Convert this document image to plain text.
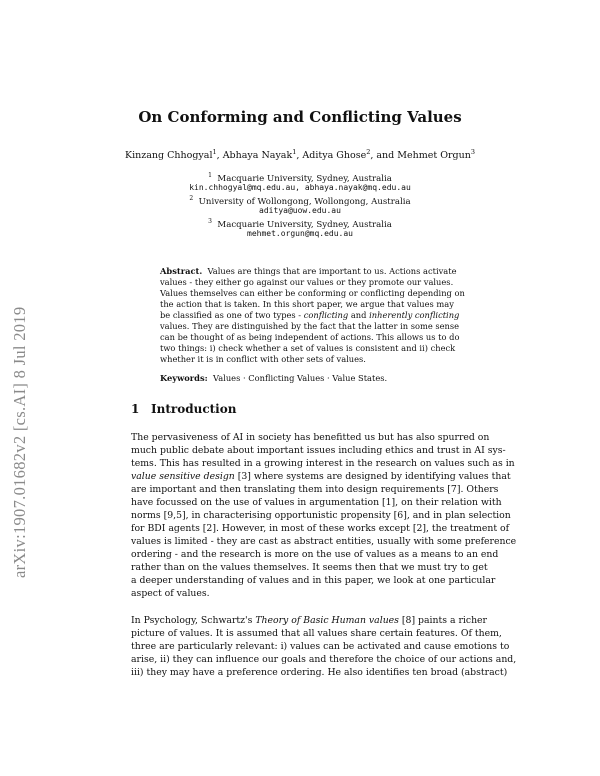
arXiv:1907.01682v2 [cs.AI] 8 Jul 2019
On Conforming and Conflicting Values
Kinzang Chhogyal$^1$, Abhaya Nayak$^1$, Aditya Ghose$^2$, and Mehmet Orgun$^3$
$^1$ Macquarie University, Sydney, Australia
kin.chhogyal@mq.edu.au, abhaya.nayak@mq.edu.au
$^2$ University of Wollongong, Wollongong, Australia
aditya@uow.edu.au
$^3$ Macquarie University, Sydney, Australia
mehmet.orgun@mq.edu.au
Abstract. Values are things that are important to us. Actions activate
values - they either go against our values or they promote our values.
Values themselves can either be conforming or conflicting depending on
the action that is taken. In this short paper, we argue that values may
be classified as one of two types - conflicting and inherently conflicting
values. They are distinguished by the fact that the latter in some sense
can be thought of as being independent of actions. This allows us to do
two things: i) check whether a set of values is consistent and ii) check
whether it is in conflict with other sets of values.
Keywords: Values · Conflicting Values · Value States.
1 Introduction
The pervasiveness of AI in society has benefitted us but has also spurred on
much public debate about important issues including ethics and trust in AI sys-
tems. This has resulted in a growing interest in the research on values such as in
value sensitive design [3] where systems are designed by identifying values that
are important and then translating them into design requirements [7]. Others
have focussed on the use of values in argumentation [1], on their relation with
norms [9,5], in characterising opportunistic propensity [6], and in plan selection
for BDI agents [2]. However, in most of these works except [2], the treatment of
values is limited - they are cast as abstract entities, usually with some preference
ordering - and the research is more on the use of values as a means to an end
rather than on the values themselves. It seems then that we must try to get
a deeper understanding of values and in this paper, we look at one particular
aspect of values.
In Psychology, Schwartz's Theory of Basic Human values [8] paints a richer
picture of values. It is assumed that all values share certain features. Of them,
three are particularly relevant: i) values can be activated and cause emotions to
arise, ii) they can influence our goals and therefore the choice of our actions and,
iii) they may have a preference ordering. He also identifies ten broad (abstract)
